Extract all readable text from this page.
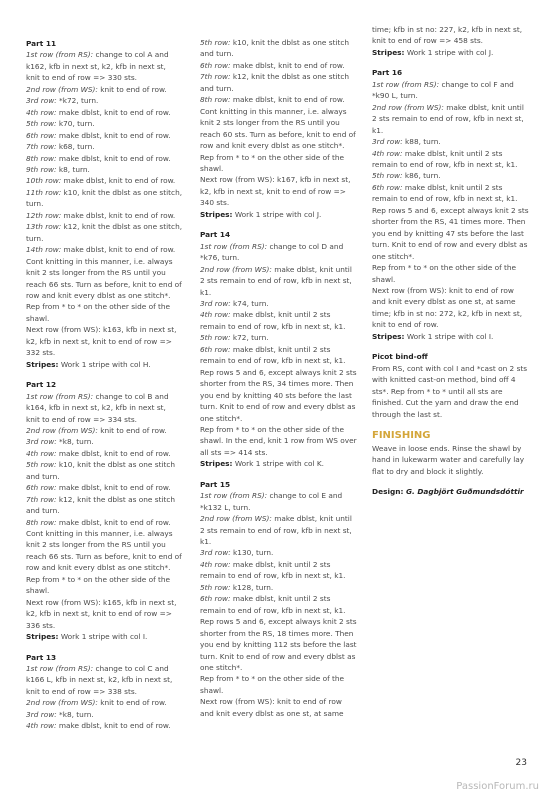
Part 11
1st row (from RS): change to col A and
k162, kfb in next st, k2, kfb in next st,
knit to end of row => 330 sts.
2nd row (from WS): knit to end of row.
3rd row: *k72, turn.
4th row: make dblst, knit to end of row.
5th row: k70, turn.
6th row: make dblst, knit to end of row.
7th row: k68, turn.
8th row: make dblst, knit to end of row.
9th row: k8, turn.
10th row: make dblst, knit to end of row.
11th row: k10, knit the dblst as one stitch,
turn.
12th row: make dblst, knit to end of row.
13th row: k12, knit the dblst as one stitch,
turn.
14th row: make dblst, knit to end of row.
Cont knitting in this manner, i.e. always
knit 2 sts longer from the RS until you
reach 66 sts. Turn as before, knit to end of
row and knit every dblst as one stitch*.
Rep from * to * on the other side of the
shawl.
Next row (from WS): k163, kfb in next st,
k2, kfb in next st, knit to end of row =>
332 sts.
Stripes: Work 1 stripe with col H.
Part 12
1st row (from RS): change to col B and
k164, kfb in next st, k2, kfb in next st,
knit to end of row => 334 sts.
2nd row (from WS): knit to end of row.
3rd row: *k8, turn.
4th row: make dblst, knit to end of row.
5th row: k10, knit the dblst as one stitch
and turn.
6th row: make dblst, knit to end of row.
7th row: k12, knit the dblst as one stitch
and turn.
8th row: make dblst, knit to end of row.
Cont knitting in this manner, i.e. always
knit 2 sts longer from the RS until you
reach 66 sts. Turn as before, knit to end of
row and knit every dblst as one stitch*.
Rep from * to * on the other side of the
shawl.
Next row (from WS): k165, kfb in next st,
k2, kfb in next st, knit to end of row =>
336 sts.
Stripes: Work 1 stripe with col I.
Part 13
1st row (from RS): change to col C and
k166 L, kfb in next st, k2, kfb in next st,
knit to end of row => 338 sts.
2nd row (from WS): knit to end of row.
3rd row: *k8, turn.
4th row: make dblst, knit to end of row.
5th row: k10, knit the dblst as one stitch
and turn.
6th row: make dblst, knit to end of row.
7th row: k12, knit the dblst as one stitch
and turn.
8th row: make dblst, knit to end of row.
Cont knitting in this manner, i.e. always
knit 2 sts longer from the RS until you
reach 60 sts. Turn as before, knit to end of
row and knit every dblst as one stitch*.
Rep from * to * on the other side of the
shawl.
Next row (from WS): k167, kfb in next st,
k2, kfb in next st, knit to end of row =>
340 sts.
Stripes: Work 1 stripe with col J.
Part 14
1st row (from RS): change to col D and
*k76, turn.
2nd row (from WS): make dblst, knit until
2 sts remain to end of row, kfb in next st,
k1.
3rd row: k74, turn.
4th row: make dblst, knit until 2 sts
remain to end of row, kfb in next st, k1.
5th row: k72, turn.
6th row: make dblst, knit until 2 sts
remain to end of row, kfb in next st, k1.
Rep rows 5 and 6, except always knit 2 sts
shorter from the RS, 34 times more. Then
you end by knitting 40 sts before the last
turn. Knit to end of row and every dblst as
one stitch*.
Rep from * to * on the other side of the
shawl. In the end, knit 1 row from WS over
all sts => 414 sts.
Stripes: Work 1 stripe with col K.
Part 15
1st row (from RS): change to col E and
*k132 L, turn.
2nd row (from WS): make dblst, knit until
2 sts remain to end of row, kfb in next st,
k1.
3rd row: k130, turn.
4th row: make dblst, knit until 2 sts
remain to end of row, kfb in next st, k1.
5th row: k128, turn.
6th row: make dblst, knit until 2 sts
remain to end of row, kfb in next st, k1.
Rep rows 5 and 6, except always knit 2 sts
shorter from the RS, 18 times more. Then
you end by knitting 112 sts before the last
turn. Knit to end of row and every dblst as
one stitch*.
Rep from * to * on the other side of the
shawl.
Next row (from WS): knit to end of row
and knit every dblst as one st, at same
time; kfb in st no: 227, k2, kfb in next st,
knit to end of row => 458 sts.
Stripes: Work 1 stripe with col J.
Part 16
1st row (from RS): change to col F and
*k90 L, turn.
2nd row (from WS): make dblst, knit until
2 sts remain to end of row, kfb in next st,
k1.
3rd row: k88, turn.
4th row: make dblst, knit until 2 sts
remain to end of row, kfb in next st, k1.
5th row: k86, turn.
6th row: make dblst, knit until 2 sts
remain to end of row, kfb in next st, k1.
Rep rows 5 and 6, except always knit 2 sts
shorter from the RS, 41 times more. Then
you end by knitting 47 sts before the last
turn. Knit to end of row and every dblst as
one stitch*.
Rep from * to * on the other side of the
shawl.
Next row (from WS): knit to end of row
and knit every dblst as one st, at same
time; kfb in st no: 272, k2, kfb in next st,
knit to end of row.
Stripes: Work 1 stripe with col I.
Picot bind-off
From RS, cont with col I and *cast on 2 sts
with knitted cast-on method, bind off 4
sts*. Rep from * to * until all sts are
finished. Cut the yarn and draw the end
through the last st.
FINISHING
Weave in loose ends. Rinse the shawl by
hand in lukewarm water and carefully lay
flat to dry and block it slightly.
Design: G. Dagbjört Guðmundsdóttir
23
PassionForum.ru
